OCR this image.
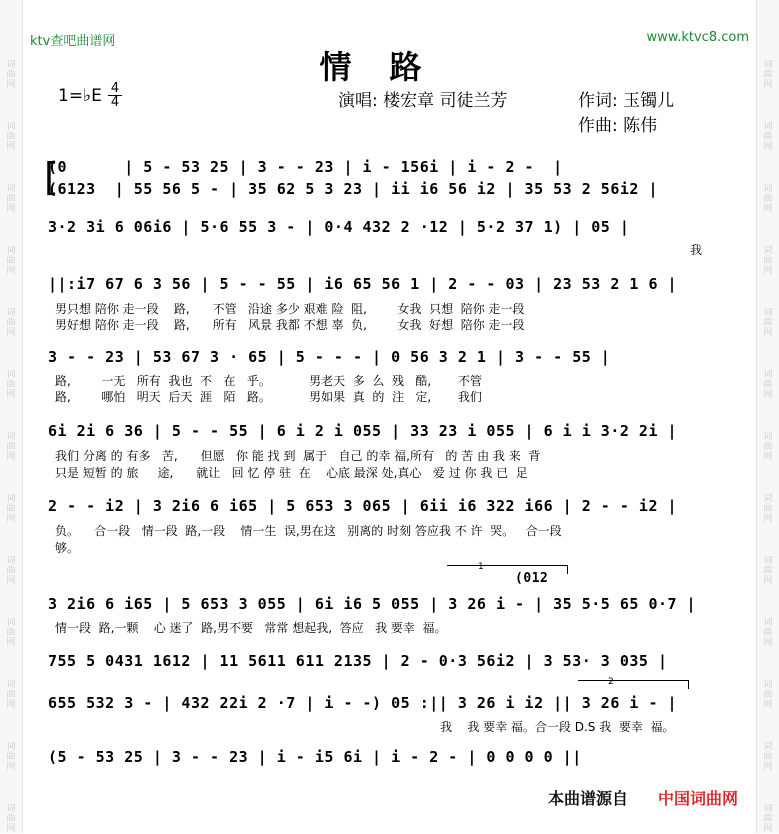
词
曲
网
词
曲
网
词
曲
网
词
曲
网
词
曲
网
词
曲
网
词
曲
网
词
曲
网
词
曲
网
词
曲
网
词
曲
网
词
曲
网
词
曲
网
词
曲
网
词
曲
网
词
曲
网
词
曲
网
词
曲
网
词
曲
网
词
曲
网
词
曲
网
词
曲
网
词
曲
网
词
曲
网
词
曲
网
词
曲
网
ktv查吧曲谱网	www.ktvc8.com
情路
1=♭E 4
4	演唱: 楼宏章 司徒兰芳	作词: 玉镯儿
作曲: 陈伟
[
(0      | 5 - 53 25 | 3 - - 23 | i - 156i | i - 2 -  |
(6123  | 55 56 5 - | 35 62 5 3 23 | ii i6 56 i2 | 35 53 2 56i2 |
3·2 3i 6 06i6 | 5·6 55 3 - | 0·4 432 2 ·12 | 5·2 37 1) | 05 |
我
||:i7 67 6 3 56 | 5 - - 55 | i6 65 56 1 | 2 - - 03 | 23 53 2 1 6 |
男只想 陪你 走一段    路,      不管   沿途 多少 艰难 险  阻,        女我  只想  陪你 走一段
男好想 陪你 走一段    路,      所有   风景 我都 不想 辜  负,        女我  好想  陪你 走一段
3 - - 23 | 53 67 3 · 65 | 5 - - - | 0 56 3 2 1 | 3 - - 55 |
路,        一无   所有  我也  不   在   乎。          男老天  多  么  残   酷,       不管
路,        哪怕   明天  后天  涯   陌   路。          男如果  真  的  注   定,       我们
6i 2i 6 36 | 5 - - 55 | 6 i 2 i 055 | 33 23 i 055 | 6 i i 3·2 2i |
我们 分离 的 有多   苦,      但愿   你 能 找 到  属于   自己 的幸 福,所有   的 苦 由 我 来  背
只是 短暂 的 旅     途,      就让   回 忆 停 驻  在    心底 最深 处,真心   爱 过 你 我 已  足
2 - - i2 | 3 2i6 6 i65 | 5 653 3 065 | 6ii i6 322 i66 | 2 - - i2 |
负。    合一段   情一段  路,一段    情一生  误,男在这   别离的 时刻 答应我 不 许  哭。   合一段
够。
1
(012
3 2i6 6 i65 | 5 653 3 055 | 6i i6 5 055 | 3 26 i - | 35 5·5 65 0·7 |
情一段  路,一颗    心 迷了  路,男不要   常常 想起我,  答应   我 要幸  福。
755 5 0431 1612 | 11 5611 611 2135 | 2 - 0·3 56i2 | 3 53· 3 035 |
2
655 532 3 - | 432 22i 2 ·7 | i - -) 05 :|| 3 26 i i2 || 3 26 i - |
我    我 要幸 福。合一段 D.S 我  要幸  福。
(5 - 53 25 | 3 - - 23 | i - i5 6i | i - 2 - | 0 0 0 0 ||
本曲谱源自 中国词曲网
